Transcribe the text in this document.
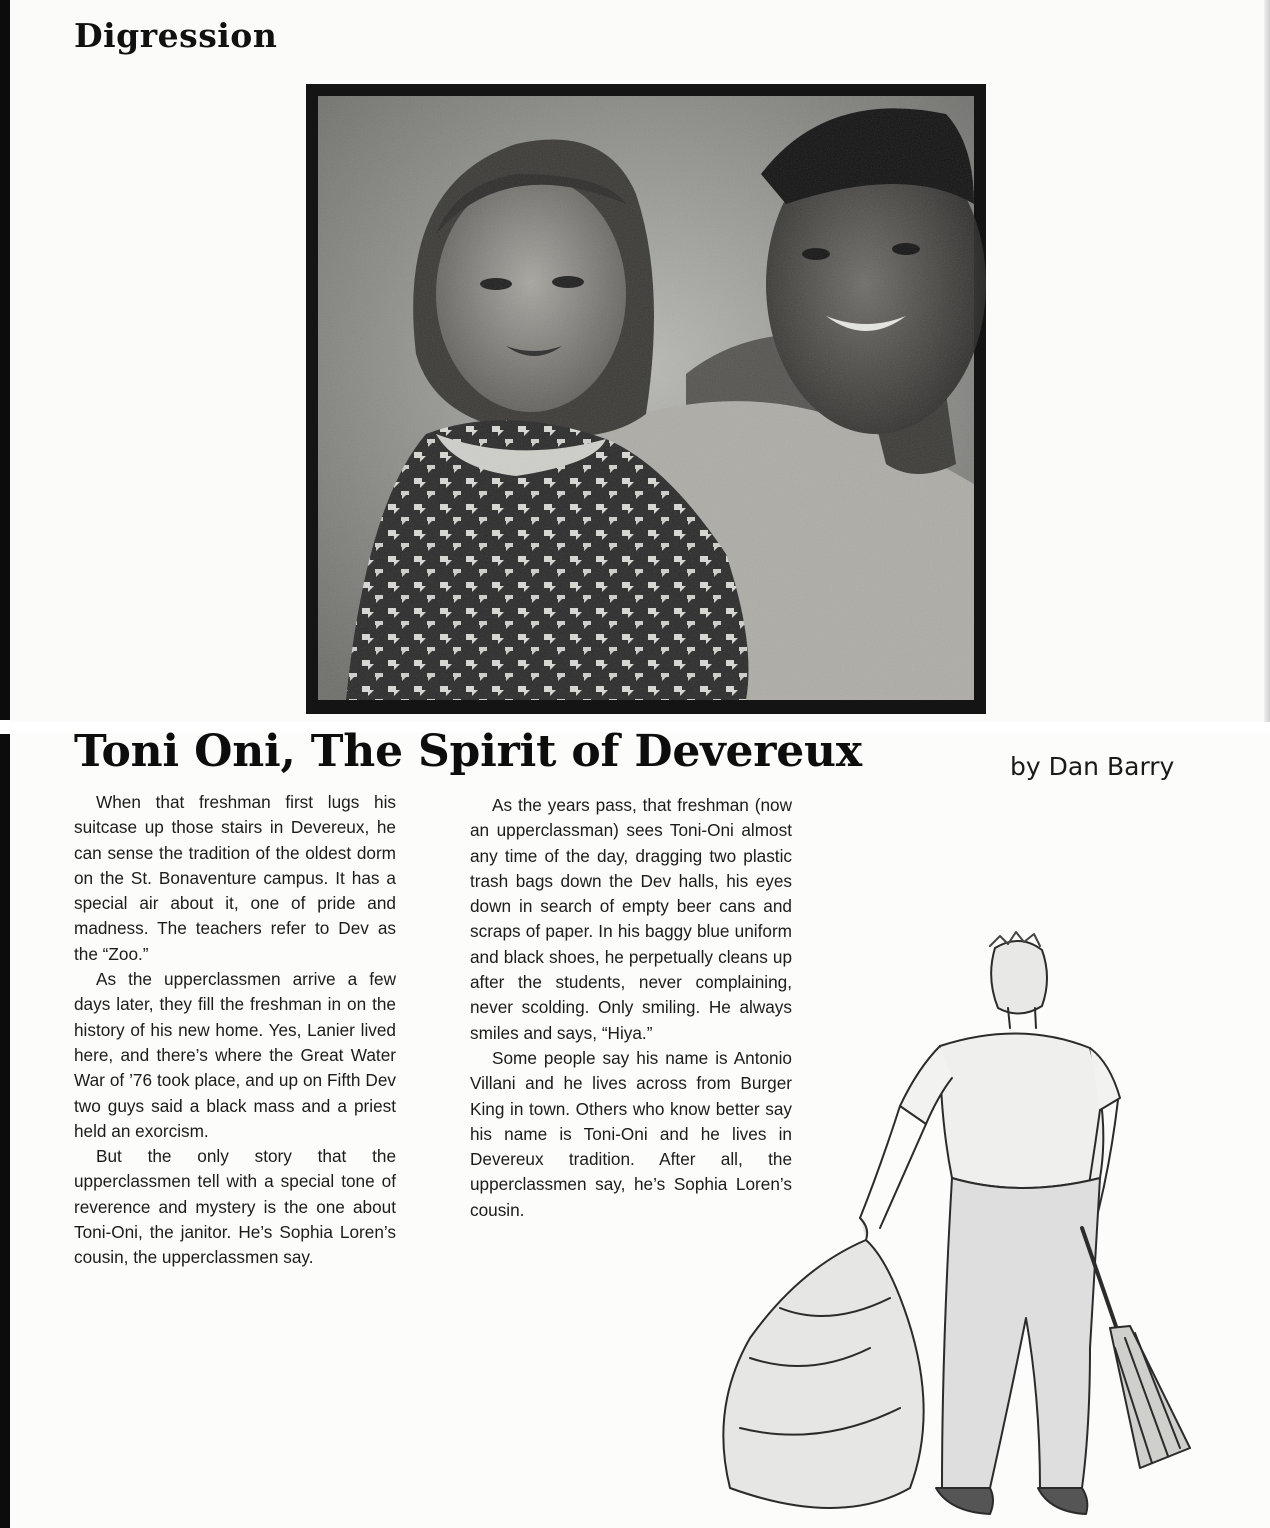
Digression
Toni Oni, The Spirit of Devereux	by Dan Barry

When that freshman first lugs his suitcase up those stairs in Devereux, he can sense the tradition of the oldest dorm on the St. Bonaventure campus. It has a special air about it, one of pride and madness. The teachers refer to Dev as the “Zoo.”

As the upperclassmen arrive a few days later, they fill the freshman in on the history of his new home. Yes, Lanier lived here, and there’s where the Great Water War of ’76 took place, and up on Fifth Dev two guys said a black mass and a priest held an exorcism.

But the only story that the upperclassmen tell with a special tone of reverence and mystery is the one about Toni-Oni, the janitor. He’s Sophia Loren’s cousin, the upperclassmen say.

As the years pass, that freshman (now an upperclassman) sees Toni-Oni almost any time of the day, dragging two plastic trash bags down the Dev halls, his eyes down in search of empty beer cans and scraps of paper. In his baggy blue uniform and black shoes, he perpetually cleans up after the students, never complaining, never scolding. Only smiling. He always smiles and says, “Hiya.”

Some people say his name is Antonio Villani and he lives across from Burger King in town. Others who know better say his name is Toni-Oni and he lives in Devereux tradition. After all, the upperclassmen say, he’s Sophia Loren’s cousin.
